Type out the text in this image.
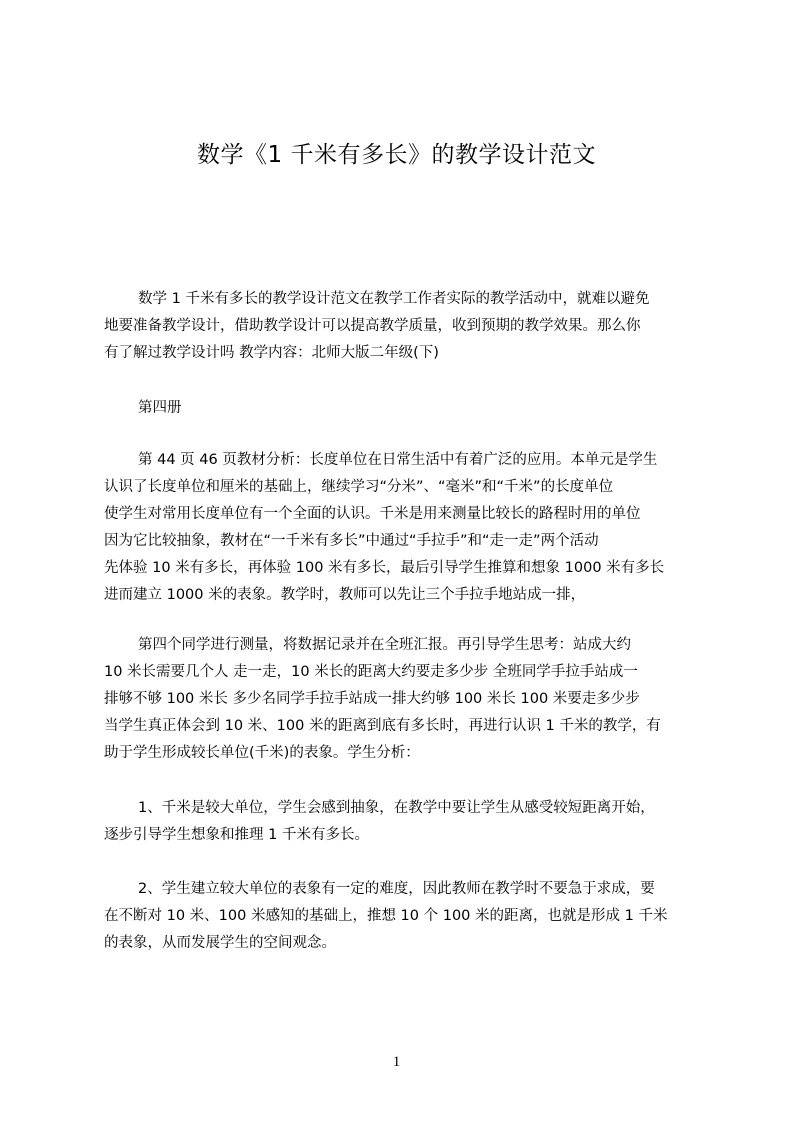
数学《1 千米有多长》的教学设计范文
数学 1 千米有多长的教学设计范文在教学工作者实际的教学活动中，就难以避免
地要准备教学设计，借助教学设计可以提高教学质量，收到预期的教学效果。那么你
有了解过教学设计吗 教学内容：北师大版二年级(下)
第四册
第 44 页 46 页教材分析：长度单位在日常生活中有着广泛的应用。本单元是学生
认识了长度单位和厘米的基础上，继续学习“分米”、“毫米”和“千米”的长度单位
使学生对常用长度单位有一个全面的认识。千米是用来测量比较长的路程时用的单位
因为它比较抽象，教材在“一千米有多长”中通过“手拉手”和“走一走”两个活动
先体验 10 米有多长，再体验 100 米有多长，最后引导学生推算和想象 1000 米有多长
进而建立 1000 米的表象。教学时，教师可以先让三个手拉手地站成一排，
第四个同学进行测量，将数据记录并在全班汇报。再引导学生思考：站成大约
10 米长需要几个人 走一走，10 米长的距离大约要走多少步 全班同学手拉手站成一
排够不够 100 米长 多少名同学手拉手站成一排大约够 100 米长 100 米要走多少步
当学生真正体会到 10 米、100 米的距离到底有多长时，再进行认识 1 千米的教学，有
助于学生形成较长单位(千米)的表象。学生分析：
1、千米是较大单位，学生会感到抽象，在教学中要让学生从感受较短距离开始，
逐步引导学生想象和推理 1 千米有多长。
2、学生建立较大单位的表象有一定的难度，因此教师在教学时不要急于求成，要
在不断对 10 米、100 米感知的基础上，推想 10 个 100 米的距离，也就是形成 1 千米
的表象，从而发展学生的空间观念。
1
